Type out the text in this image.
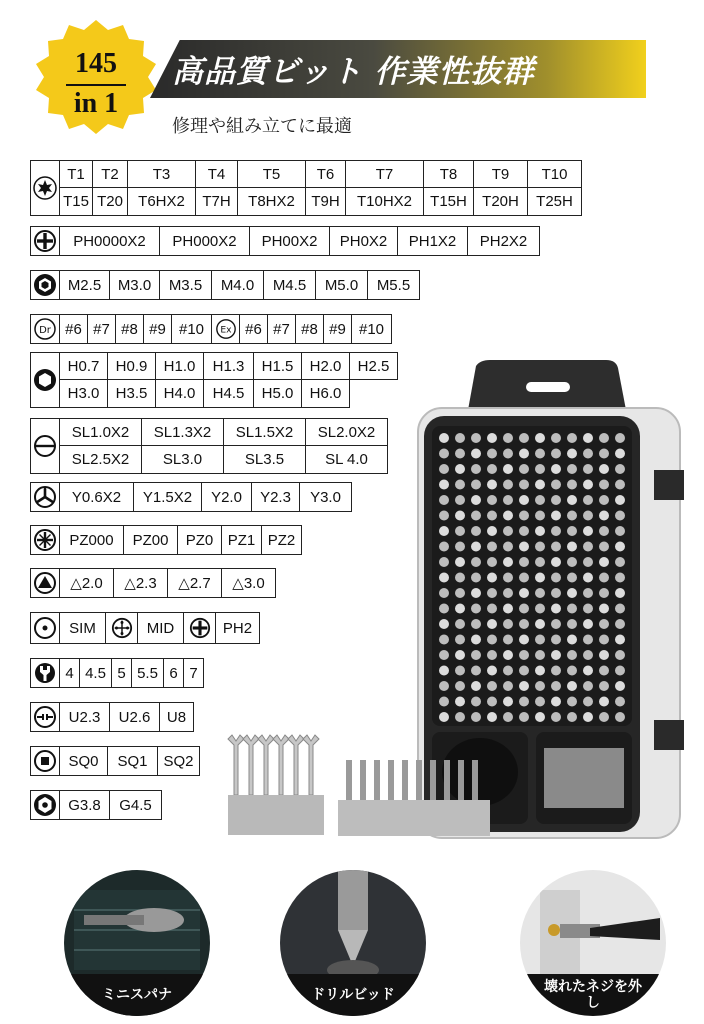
145
in 1
高品質ビット 作業性抜群
修理や組み立てに最適
T1	T2	T3	T4	T5	T6	T7	T8	T9	T10
T15 T20	T6HX2	T7H	T8HX2	T9H	T10HX2	T15H	T20H	T25H
PH0000X2	PH000X2	PH00X2	PH0X2	PH1X2	PH2X2
M2.5	M3.0	M3.5	M4.0	M4.5	M5.0	M5.5
Dr #6 #7 #8 #9 #10	Ex #6 #7 #8 #9 #10
H0.7	H0.9	H1.0	H1.3	H1.5	H2.0	H2.5
H3.0	H3.5	H4.0	H4.5	H5.0	H6.0
SL1.0X2	SL1.3X2	SL1.5X2	SL2.0X2
SL2.5X2	SL3.0	SL3.5	SL 4.0
Y0.6X2	Y1.5X2	Y2.0	Y2.3	Y3.0
PZ000	PZ00	PZ0 PZ1 PZ2
△2.0	△2.3	△2.7	△3.0
SIM	MID	PH2
4 4.5 5 5.5 6 7
U2.3	U2.6	U8
SQ0	SQ1	SQ2
G3.8	G4.5
ミニスパナ	ドリルビッド
壊れたネジを外し
